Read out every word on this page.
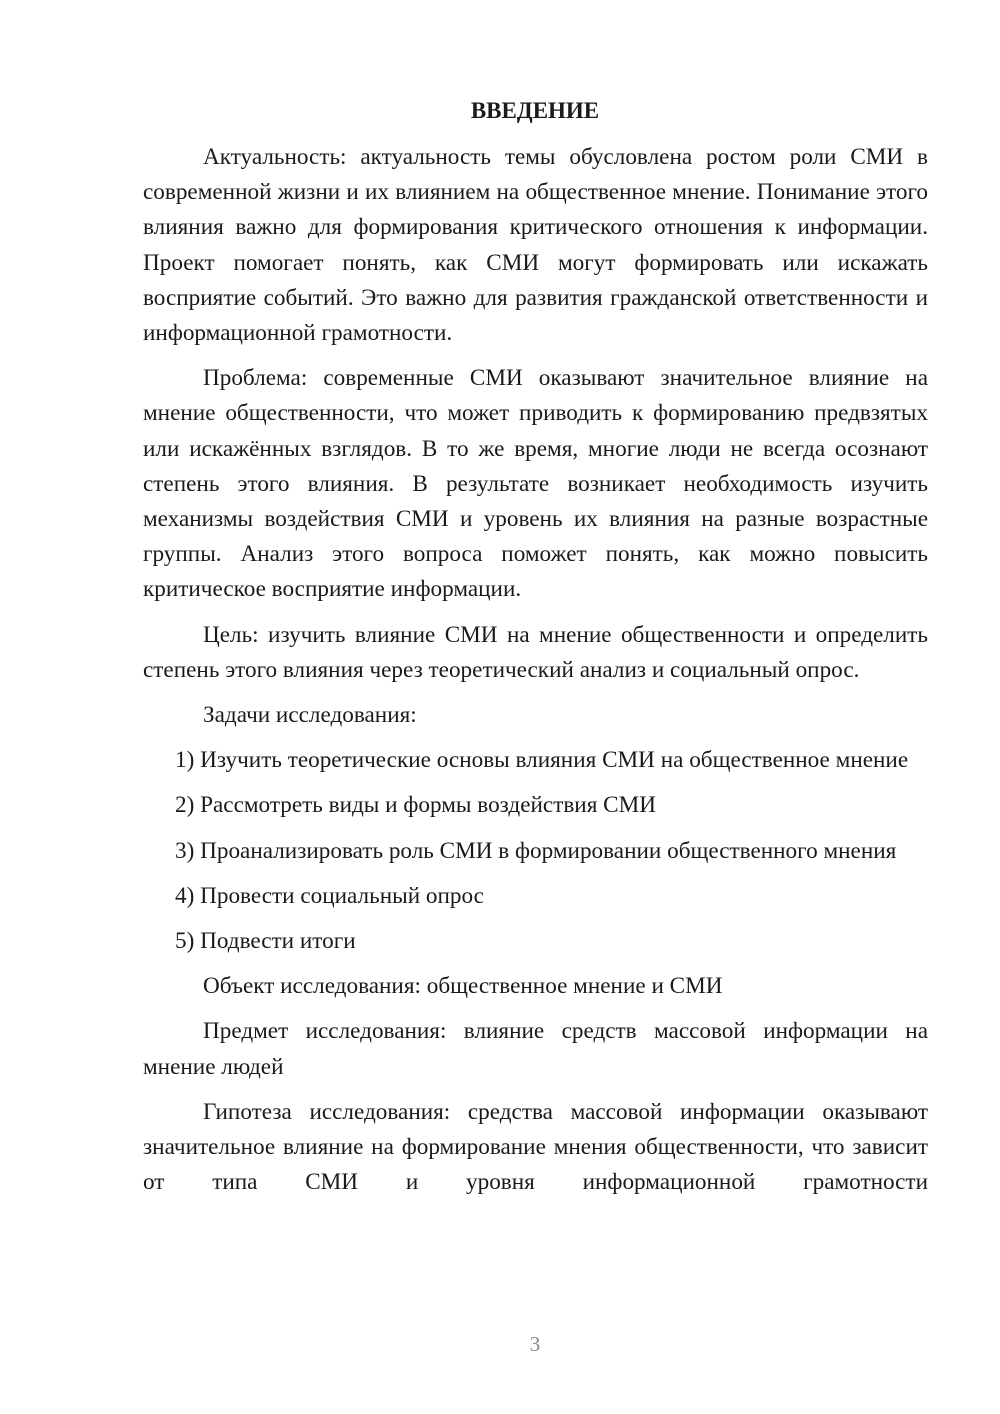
ВВЕДЕНИЕ

Актуальность: актуальность темы обусловлена ростом роли СМИ в современной жизни и их влиянием на общественное мнение. Понимание этого влияния важно для формирования критического отношения к информации. Проект помогает понять, как СМИ могут формировать или искажать восприятие событий. Это важно для развития гражданской ответственности и информационной грамотности.

Проблема: современные СМИ оказывают значительное влияние на мнение общественности, что может приводить к формированию предвзятых или искажённых взглядов. В то же время, многие люди не всегда осознают степень этого влияния. В результате возникает необходимость изучить механизмы воздействия СМИ и уровень их влияния на разные возрастные группы. Анализ этого вопроса поможет понять, как можно повысить критическое восприятие информации.

Цель: изучить влияние СМИ на мнение общественности и определить степень этого влияния через теоретический анализ и социальный опрос.

Задачи исследования:

1) Изучить теоретические основы влияния СМИ на общественное мнение

2) Рассмотреть виды и формы воздействия СМИ

3) Проанализировать роль СМИ в формировании общественного мнения

4) Провести социальный опрос

5) Подвести итоги

Объект исследования: общественное мнение и СМИ

Предмет исследования: влияние средств массовой информации на мнение людей

Гипотеза исследования: средства массовой информации оказывают значительное влияние на формирование мнения общественности, что зависит от типа СМИ и уровня информационной грамотности

3
